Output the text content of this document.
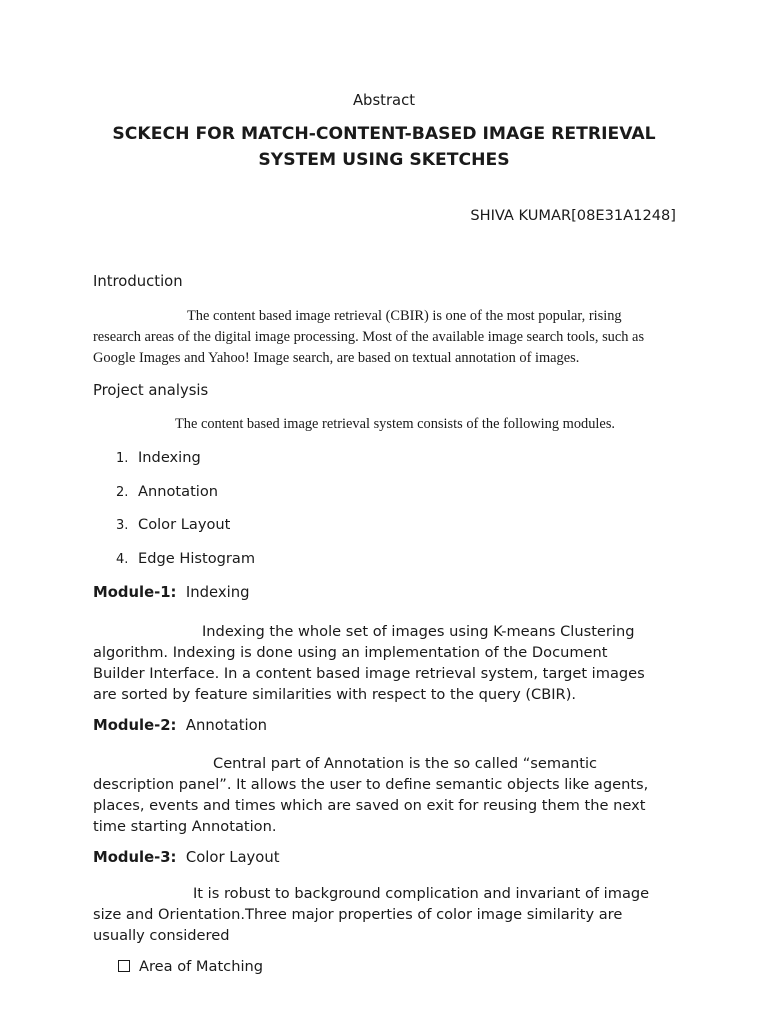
Abstract
SCKECH FOR MATCH-CONTENT-BASED IMAGE RETRIEVAL
SYSTEM USING SKETCHES
SHIVA KUMAR[08E31A1248]
Introduction
The content based image retrieval (CBIR) is one of the most popular, rising
research areas of the digital image processing. Most of the available image search tools, such as
Google Images and Yahoo! Image search, are based on textual annotation of images.
Project analysis
The content based image retrieval system consists of the following modules.
1. Indexing
2. Annotation
3. Color Layout
4. Edge Histogram
Module-1: Indexing
Indexing the whole set of images using K-means Clustering
algorithm. Indexing is done using an implementation of the Document
Builder Interface. In a content based image retrieval system, target images
are sorted by feature similarities with respect to the query (CBIR).
Module-2: Annotation
Central part of Annotation is the so called “semantic
description panel”. It allows the user to define semantic objects like agents,
places, events and times which are saved on exit for reusing them the next
time starting Annotation.
Module-3: Color Layout
It is robust to background complication and invariant of image
size and Orientation.Three major properties of color image similarity are
usually considered
Area of Matching
